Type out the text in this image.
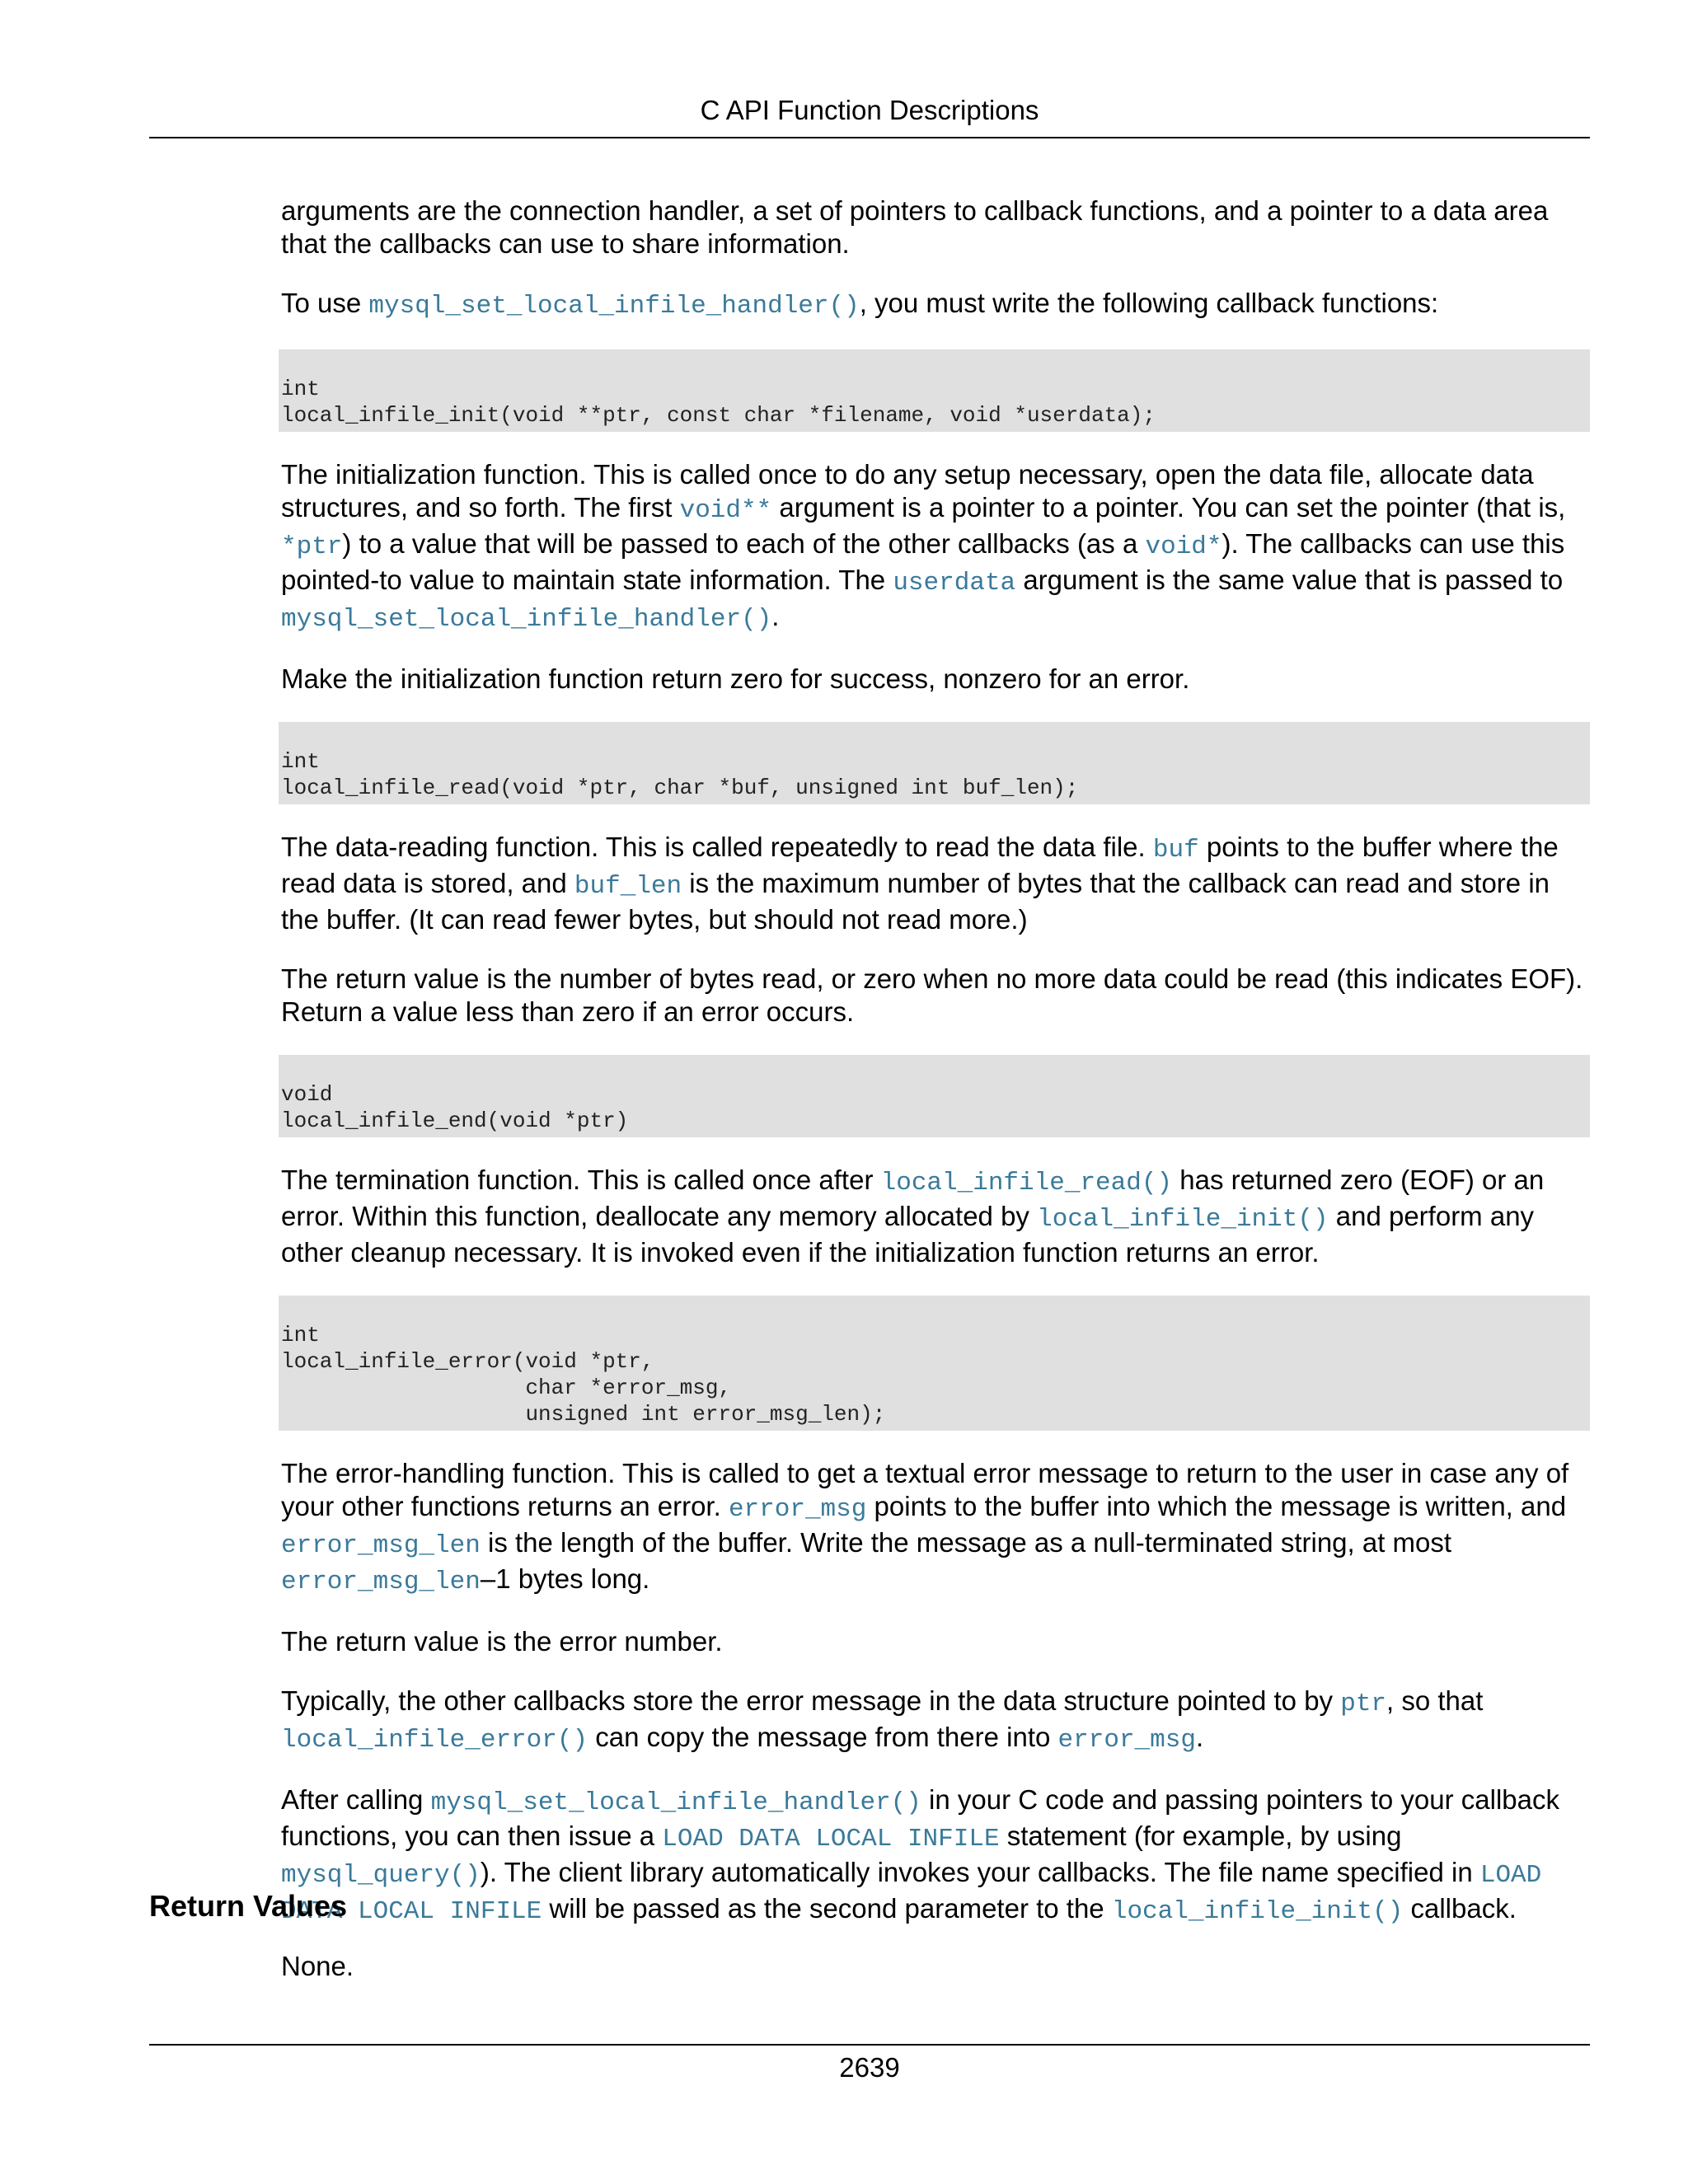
C API Function Descriptions

arguments are the connection handler, a set of pointers to callback functions, and a pointer to a data area that the callbacks can use to share information.

To use mysql_set_local_infile_handler(), you must write the following callback functions:

int
local_infile_init(void **ptr, const char *filename, void *userdata);

The initialization function. This is called once to do any setup necessary, open the data file, allocate data structures, and so forth. The first void** argument is a pointer to a pointer. You can set the pointer (that is, *ptr) to a value that will be passed to each of the other callbacks (as a void*). The callbacks can use this pointed-to value to maintain state information. The userdata argument is the same value that is passed to mysql_set_local_infile_handler().

Make the initialization function return zero for success, nonzero for an error.

int
local_infile_read(void *ptr, char *buf, unsigned int buf_len);

The data-reading function. This is called repeatedly to read the data file. buf points to the buffer where the read data is stored, and buf_len is the maximum number of bytes that the callback can read and store in the buffer. (It can read fewer bytes, but should not read more.)

The return value is the number of bytes read, or zero when no more data could be read (this indicates EOF). Return a value less than zero if an error occurs.

void
local_infile_end(void *ptr)

The termination function. This is called once after local_infile_read() has returned zero (EOF) or an error. Within this function, deallocate any memory allocated by local_infile_init() and perform any other cleanup necessary. It is invoked even if the initialization function returns an error.

int
local_infile_error(void *ptr,
char *error_msg,
unsigned int error_msg_len);

The error-handling function. This is called to get a textual error message to return to the user in case any of your other functions returns an error. error_msg points to the buffer into which the message is written, and error_msg_len is the length of the buffer. Write the message as a null-terminated string, at most error_msg_len–1 bytes long.

The return value is the error number.

Typically, the other callbacks store the error message in the data structure pointed to by ptr, so that local_infile_error() can copy the message from there into error_msg.

After calling mysql_set_local_infile_handler() in your C code and passing pointers to your callback functions, you can then issue a LOAD DATA LOCAL INFILE statement (for example, by using mysql_query()). The client library automatically invokes your callbacks. The file name specified in LOAD DATA LOCAL INFILE will be passed as the second parameter to the local_infile_init() callback.

Return Values

None.

2639
